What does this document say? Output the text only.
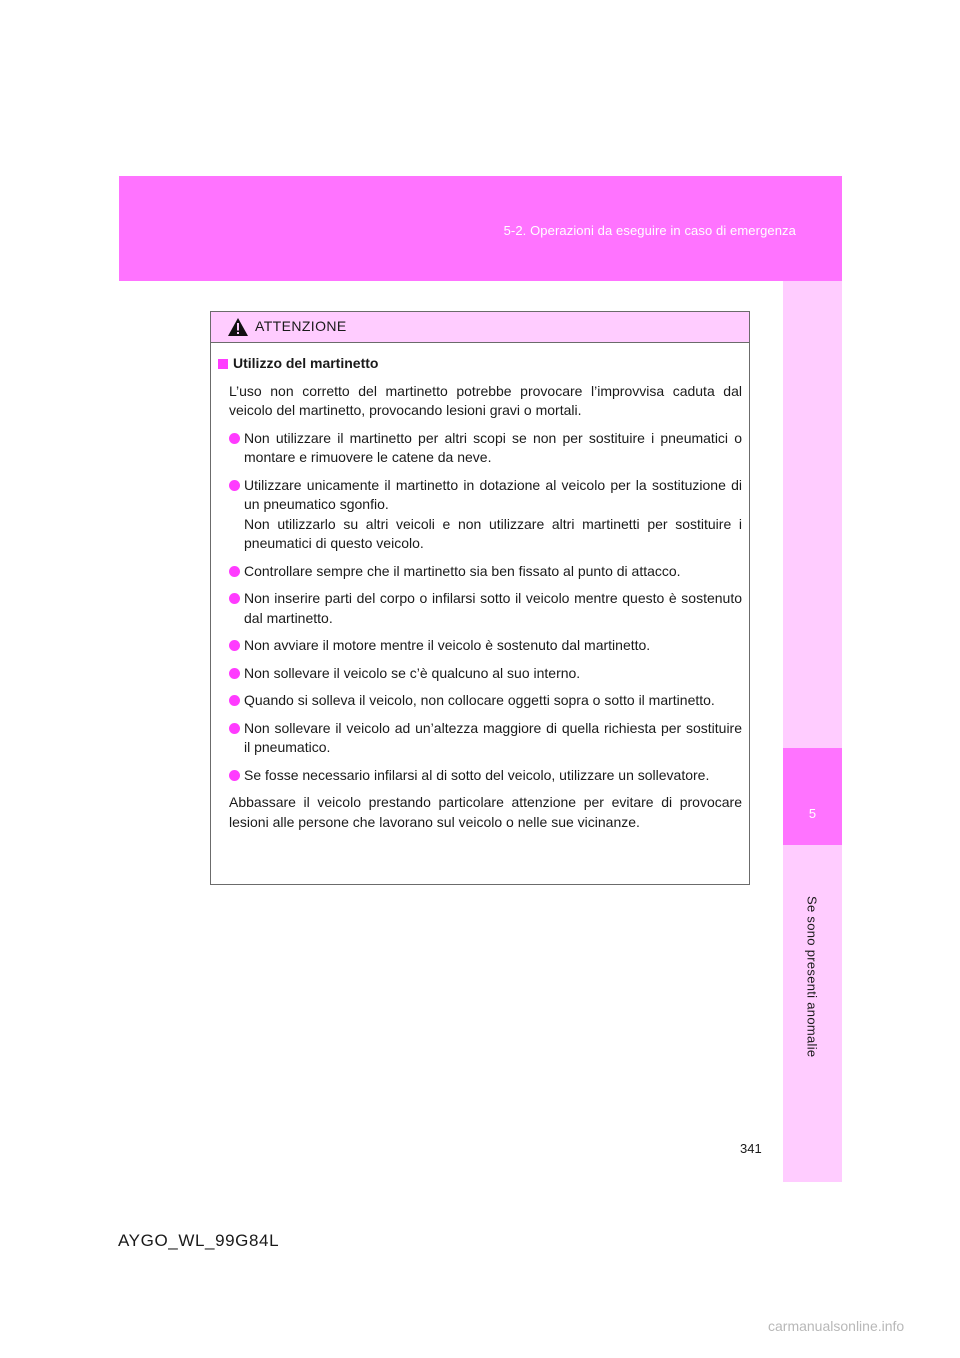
5-2. Operazioni da eseguire in caso di emergenza
5
Se sono presenti anomalie
ATTENZIONE
Utilizzo del martinetto
L’uso non corretto del martinetto potrebbe provocare l’improvvisa caduta dal veicolo del martinetto, provocando lesioni gravi o mortali.
Non utilizzare il martinetto per altri scopi se non per sostituire i pneumatici o montare e rimuovere le catene da neve.
Utilizzare unicamente il martinetto in dotazione al veicolo per la sostituzione di un pneumatico sgonfio.
Non utilizzarlo su altri veicoli e non utilizzare altri martinetti per sostituire i pneumatici di questo veicolo.
Controllare sempre che il martinetto sia ben fissato al punto di attacco.
Non inserire parti del corpo o infilarsi sotto il veicolo mentre questo è sostenuto dal martinetto.
Non avviare il motore mentre il veicolo è sostenuto dal martinetto.
Non sollevare il veicolo se c’è qualcuno al suo interno.
Quando si solleva il veicolo, non collocare oggetti sopra o sotto il martinetto.
Non sollevare il veicolo ad un’altezza maggiore di quella richiesta per sostituire il pneumatico.
Se fosse necessario infilarsi al di sotto del veicolo, utilizzare un sollevatore.
Abbassare il veicolo prestando particolare attenzione per evitare di provocare lesioni alle persone che lavorano sul veicolo o nelle sue vicinanze.
341
AYGO_WL_99G84L
carmanualsonline.info
